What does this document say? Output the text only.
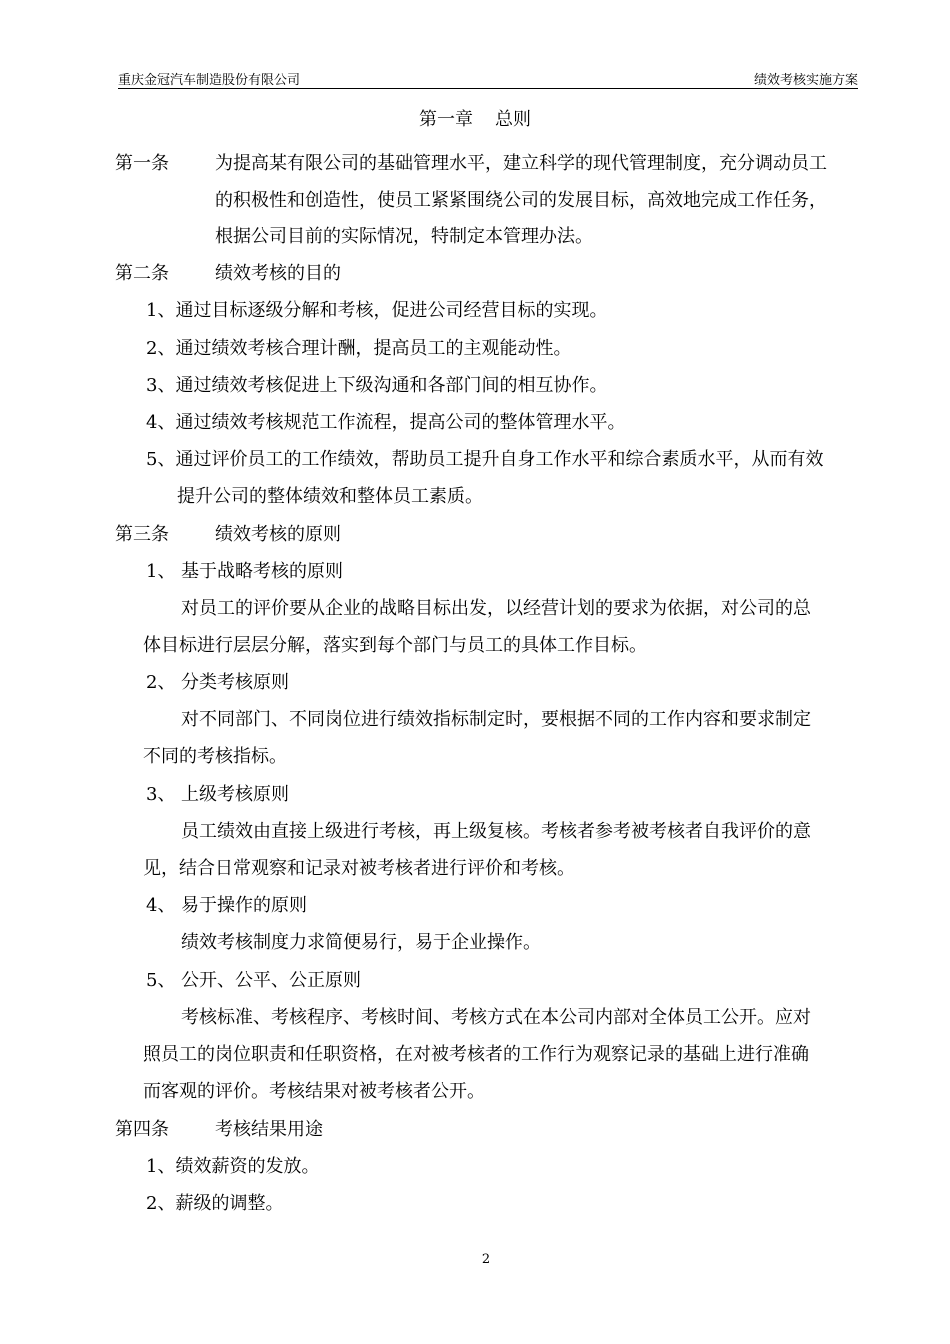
重庆金冠汽车制造股份有限公司	绩效考核实施方案
第一章 总则
第一条	为提高某有限公司的基础管理水平，建立科学的现代管理制度，充分调动员工
的积极性和创造性，使员工紧紧围绕公司的发展目标，高效地完成工作任务，
根据公司目前的实际情况，特制定本管理办法。
第二条	绩效考核的目的
1、通过目标逐级分解和考核，促进公司经营目标的实现。
2、通过绩效考核合理计酬，提高员工的主观能动性。
3、通过绩效考核促进上下级沟通和各部门间的相互协作。
4、通过绩效考核规范工作流程，提高公司的整体管理水平。
5、通过评价员工的工作绩效，帮助员工提升自身工作水平和综合素质水平，从而有效
提升公司的整体绩效和整体员工素质。
第三条	绩效考核的原则
1、 基于战略考核的原则
对员工的评价要从企业的战略目标出发，以经营计划的要求为依据，对公司的总
体目标进行层层分解，落实到每个部门与员工的具体工作目标。
2、 分类考核原则
对不同部门、不同岗位进行绩效指标制定时，要根据不同的工作内容和要求制定
不同的考核指标。
3、 上级考核原则
员工绩效由直接上级进行考核，再上级复核。考核者参考被考核者自我评价的意
见，结合日常观察和记录对被考核者进行评价和考核。
4、 易于操作的原则
绩效考核制度力求简便易行，易于企业操作。
5、 公开、公平、公正原则
考核标准、考核程序、考核时间、考核方式在本公司内部对全体员工公开。应对
照员工的岗位职责和任职资格，在对被考核者的工作行为观察记录的基础上进行准确
而客观的评价。考核结果对被考核者公开。
第四条	考核结果用途
1、绩效薪资的发放。
2、薪级的调整。
2
